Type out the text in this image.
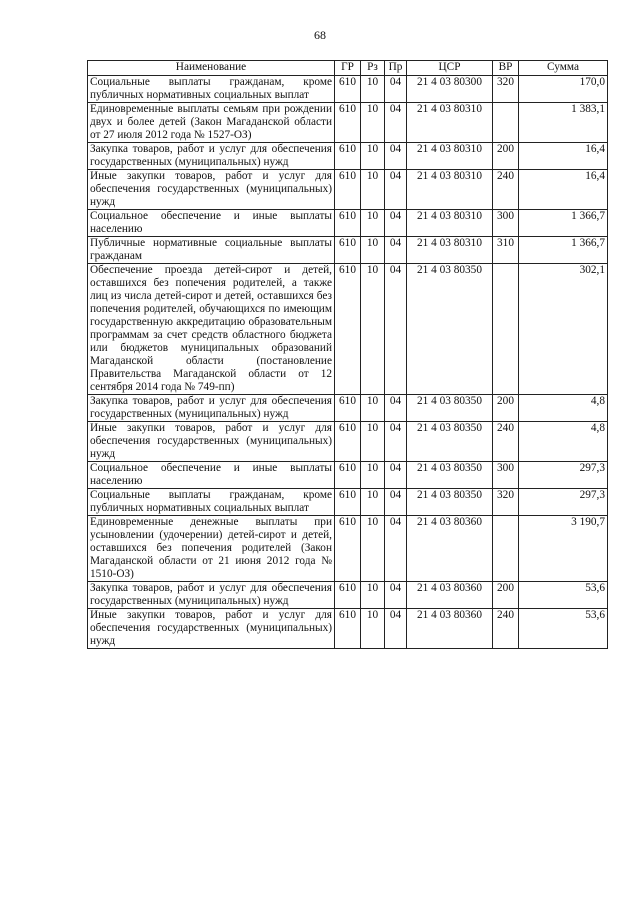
68
Наименование	ГР	Рз	Пр	ЦСР	ВР	Сумма
Социальные выплаты гражданам, кроме публичных нормативных социальных выплат	610	10	04	21 4 03 80300	320	170,0
Единовременные выплаты семьям при рождении двух и более детей (Закон Магаданской области от 27 июля 2012 года № 1527-ОЗ)	610	10	04	21 4 03 80310		1 383,1
Закупка товаров, работ и услуг для обеспечения государственных (муниципальных) нужд	610	10	04	21 4 03 80310	200	16,4
Иные закупки товаров, работ и услуг для обеспечения государственных (муниципальных) нужд	610	10	04	21 4 03 80310	240	16,4
Социальное обеспечение и иные выплаты населению	610	10	04	21 4 03 80310	300	1 366,7
Публичные нормативные социальные выплаты гражданам	610	10	04	21 4 03 80310	310	1 366,7
Обеспечение проезда детей-сирот и детей, оставшихся без попечения родителей, а также лиц из числа детей-сирот и детей, оставшихся без попечения родителей, обучающихся по имеющим государственную аккредитацию образовательным программам за счет средств областного бюджета или бюджетов муниципальных образований Магаданской области (постановление Правительства Магаданской области от 12 сентября 2014 года № 749-пп)	610	10	04	21 4 03 80350		302,1
Закупка товаров, работ и услуг для обеспечения государственных (муниципальных) нужд	610	10	04	21 4 03 80350	200	4,8
Иные закупки товаров, работ и услуг для обеспечения государственных (муниципальных) нужд	610	10	04	21 4 03 80350	240	4,8
Социальное обеспечение и иные выплаты населению	610	10	04	21 4 03 80350	300	297,3
Социальные выплаты гражданам, кроме публичных нормативных социальных выплат	610	10	04	21 4 03 80350	320	297,3
Единовременные денежные выплаты при усыновлении (удочерении) детей-сирот и детей, оставшихся без попечения родителей (Закон Магаданской области от 21 июня 2012 года № 1510-ОЗ)	610	10	04	21 4 03 80360		3 190,7
Закупка товаров, работ и услуг для обеспечения государственных (муниципальных) нужд	610	10	04	21 4 03 80360	200	53,6
Иные закупки товаров, работ и услуг для обеспечения государственных (муниципальных) нужд	610	10	04	21 4 03 80360	240	53,6
